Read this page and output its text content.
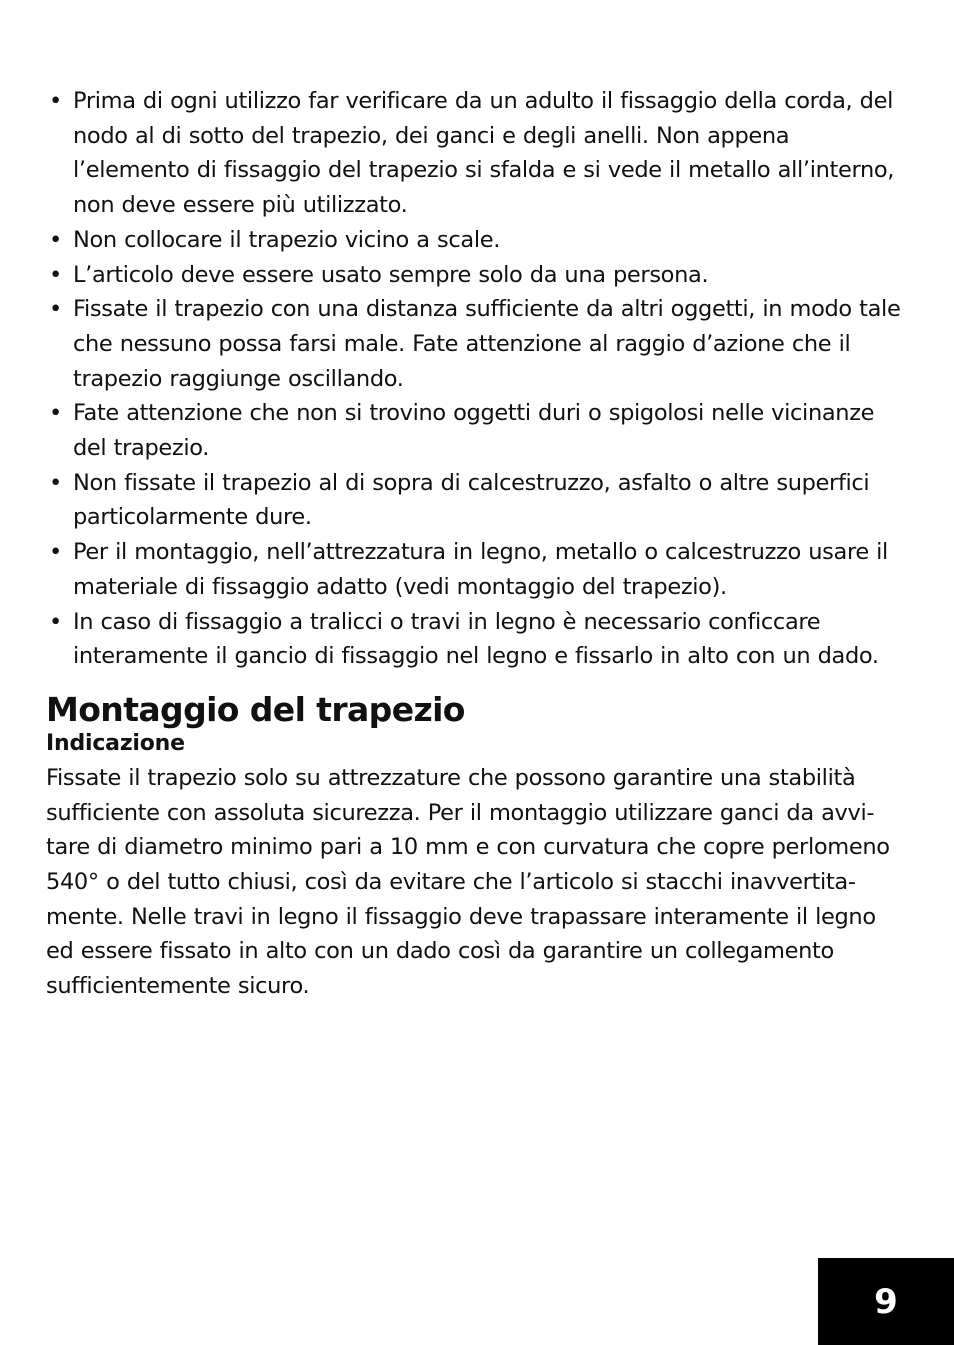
• Prima di ogni utilizzo far verificare da un adulto il fissaggio della corda, del nodo al di sotto del trapezio, dei ganci e degli anelli. Non appena l’elemento di fissaggio del trapezio si sfalda e si vede il metallo all’interno, non deve essere più utilizzato.
• Non collocare il trapezio vicino a scale.
• L’articolo deve essere usato sempre solo da una persona.
• Fissate il trapezio con una distanza sufficiente da altri oggetti, in modo tale che nessuno possa farsi male. Fate attenzione al raggio d’azione che il trapezio raggiunge oscillando.
• Fate attenzione che non si trovino oggetti duri o spigolosi nelle vicinanze del trapezio.
• Non fissate il trapezio al di sopra di calcestruzzo, asfalto o altre superfici particolarmente dure.
• Per il montaggio, nell’attrezzatura in legno, metallo o calcestruzzo usare il materiale di fissaggio adatto (vedi montaggio del trapezio).
• In caso di fissaggio a tralicci o travi in legno è necessario conficcare interamente il gancio di fissaggio nel legno e fissarlo in alto con un dado.
Montaggio del trapezio
Indicazione

Fissate il trapezio solo su attrezzature che possono garantire una stabilità sufficiente con assoluta sicurezza. Per il montaggio utilizzare ganci da avvitare di diametro minimo pari a 10 mm e con curvatura che copre perlomeno 540° o del tutto chiusi, così da evitare che l’articolo si stacchi inavvertitamente. Nelle travi in legno il fissaggio deve trapassare interamente il legno ed essere fissato in alto con un dado così da garantire un collegamento sufficientemente sicuro.

9
